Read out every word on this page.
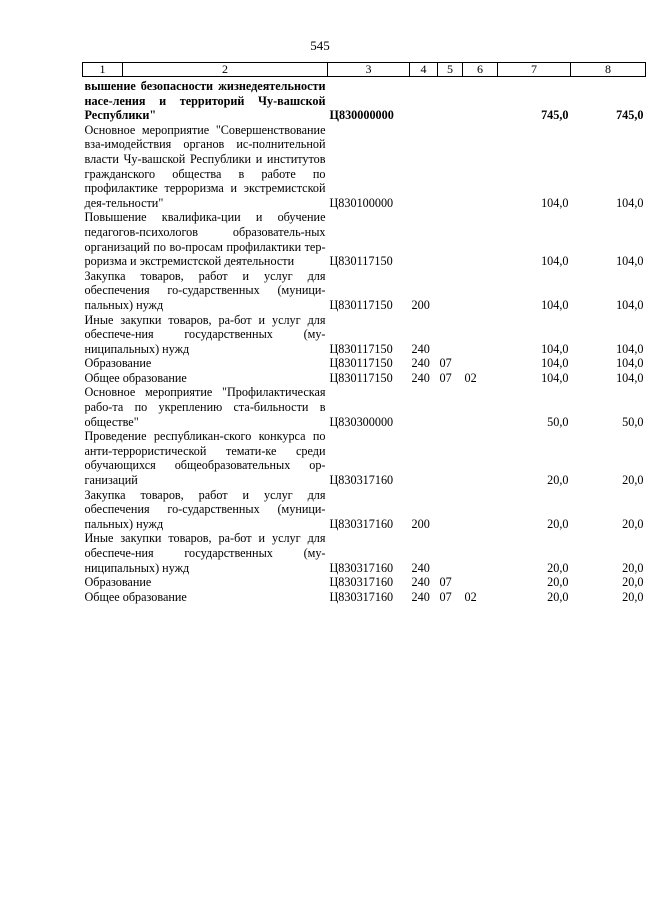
545
1	2	3	4	5	6	7	8

вышение безопасности жизнедеятельности насе-ления и территорий Чу-вашской Республики"		Ц830000000				745,0	745,0
Основное мероприятие "Совершенствование вза-имодействия органов ис-полнительной власти Чу-вашской Республики и институтов гражданского общества в работе по профилактике терроризма и экстремистской дея-тельности"		Ц830100000				104,0	104,0
Повышение квалифика-ции и обучение педагогов-психологов образователь-ных организаций по во-просам профилактики тер-роризма и экстремистской деятельности		Ц830117150				104,0	104,0
Закупка товаров, работ и услуг для обеспечения го-сударственных (муници-пальных) нужд		Ц830117150	200			104,0	104,0
Иные закупки товаров, ра-бот и услуг для обеспече-ния государственных (му-ниципальных) нужд		Ц830117150	240			104,0	104,0
Образование		Ц830117150	240	07		104,0	104,0
Общее образование		Ц830117150	240	07	02	104,0	104,0
Основное мероприятие "Профилактическая рабо-та по укреплению ста-бильности в обществе"		Ц830300000				50,0	50,0
Проведение республикан-ского конкурса по анти-террористической темати-ке среди обучающихся общеобразовательных ор-ганизаций		Ц830317160				20,0	20,0
Закупка товаров, работ и услуг для обеспечения го-сударственных (муници-пальных) нужд		Ц830317160	200			20,0	20,0
Иные закупки товаров, ра-бот и услуг для обеспече-ния государственных (му-ниципальных) нужд		Ц830317160	240			20,0	20,0
Образование		Ц830317160	240	07		20,0	20,0
Общее образование		Ц830317160	240	07	02	20,0	20,0
